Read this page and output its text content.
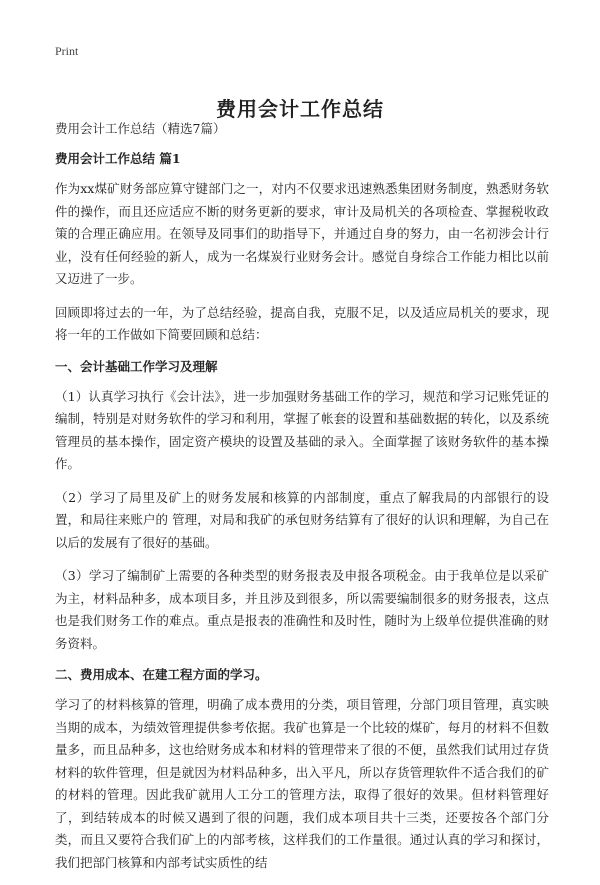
Print
费用会计工作总结

费用会计工作总结（精选7篇）

费用会计工作总结 篇1

作为xx煤矿财务部应算守键部门之一，对内不仅要求迅速熟悉集团财务制度，熟悉财务软件的操作，而且还应适应不断的财务更新的要求，审计及局机关的各项检查、掌握税收政策的合理正确应用。在领导及同事们的助指导下，并通过自身的努力，由一名初涉会计行业，没有任何经验的新人，成为一名煤炭行业财务会计。感觉自身综合工作能力相比以前又迈进了一步。

回顾即将过去的一年，为了总结经验，提高自我，克服不足，以及适应局机关的要求，现将一年的工作做如下简要回顾和总结：

一、会计基础工作学习及理解

（1）认真学习执行《会计法》，进一步加强财务基础工作的学习，规范和学习记账凭证的编制，特别是对财务软件的学习和利用，掌握了帐套的设置和基础数据的转化，以及系统管理员的基本操作，固定资产模块的设置及基础的录入。全面掌握了该财务软件的基本操作。

（2）学习了局里及矿上的财务发展和核算的内部制度，重点了解我局的内部银行的设置，和局往来账户的 管理，对局和我矿的承包财务结算有了很好的认识和理解，为自己在以后的发展有了很好的基础。

（3）学习了编制矿上需要的各种类型的财务报表及申报各项税金。由于我单位是以采矿为主，材料品种多，成本项目多，并且涉及到很多，所以需要编制很多的财务报表，这点也是我们财务工作的难点。重点是报表的准确性和及时性，随时为上级单位提供准确的财务资料。

二、费用成本、在建工程方面的学习。

学习了的材料核算的管理，明确了成本费用的分类，项目管理，分部门项目管理，真实映当期的成本，为绩效管理提供参考依据。我矿也算是一个比较的煤矿，每月的材料不但数量多，而且品种多，这也给财务成本和材料的管理带来了很的不便，虽然我们试用过存货材料的软件管理，但是就因为材料品种多，出入平凡，所以存货管理软件不适合我们的矿的材料的管理。因此我矿就用人工分工的管理方法，取得了很好的效果。但材料管理好了，到结转成本的时候又遇到了很的问题，我们成本项目共十三类，还要按各个部门分类，而且又要符合我们矿上的内部考核，这样我们的工作量很。通过认真的学习和探讨，我们把部门核算和内部考试实质性的结
